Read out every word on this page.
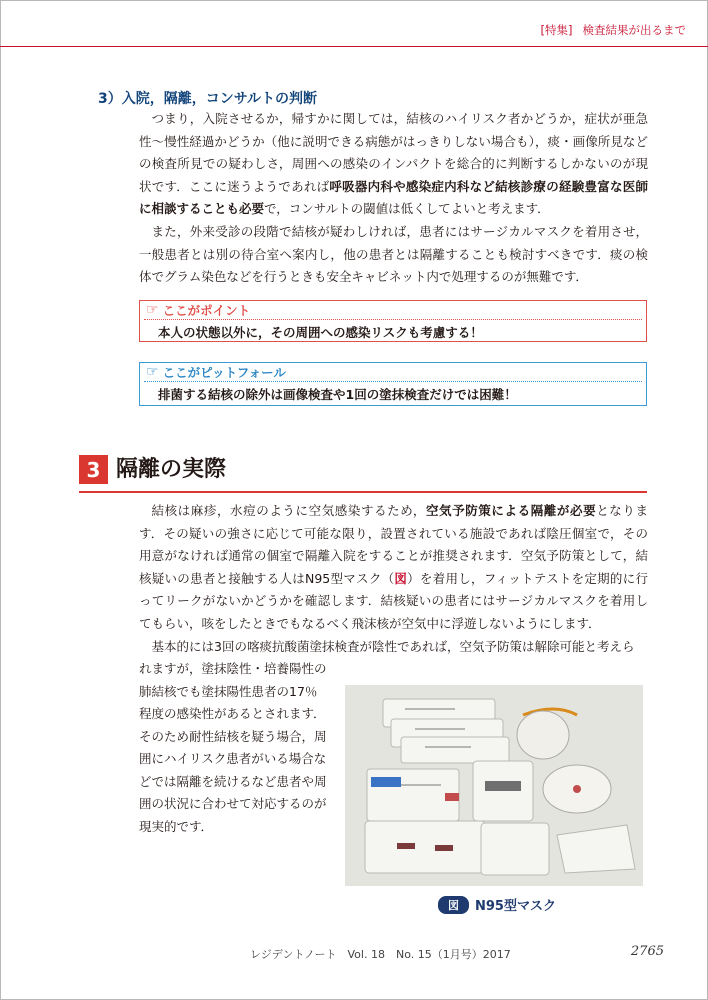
[特集] 検査結果が出るまで
3）入院，隔離，コンサルトの判断

つまり，入院させるか，帰すかに関しては，結核のハイリスク者かどうか，症状が亜急性～慢性経過かどうか（他に説明できる病態がはっきりしない場合も），痰・画像所見などの検査所見での疑わしさ，周囲への感染のインパクトを総合的に判断するしかないのが現状です．ここに迷うようであれば呼吸器内科や感染症内科など結核診療の経験豊富な医師に相談することも必要で，コンサルトの閾値は低くしてよいと考えます．

また，外来受診の段階で結核が疑わしければ，患者にはサージカルマスクを着用させ，一般患者とは別の待合室へ案内し，他の患者とは隔離することも検討すべきです．痰の検体でグラム染色などを行うときも安全キャビネット内で処理するのが無難です．

☞ ここがポイント
本人の状態以外に，その周囲への感染リスクも考慮する！
☞ ここがピットフォール
排菌する結核の除外は画像検査や1回の塗抹検査だけでは困難！
3 隔離の実際

結核は麻疹，水痘のように空気感染するため，空気予防策による隔離が必要となります．その疑いの強さに応じて可能な限り，設置されている施設であれば陰圧個室で，その用意がなければ通常の個室で隔離入院をすることが推奨されます．空気予防策として，結核疑いの患者と接触する人はN95型マスク（図）を着用し，フィットテストを定期的に行ってリークがないかどうかを確認します．結核疑いの患者にはサージカルマスクを着用してもらい，咳をしたときでもなるべく飛沫核が空気中に浮遊しないようにします．

基本的には3回の喀痰抗酸菌塗抹検査が陰性であれば，空気予防策は解除可能と考えら

れますが，塗抹陰性・培養陽性の肺結核でも塗抹陽性患者の17％程度の感染性があるとされます．そのため耐性結核を疑う場合，周囲にハイリスク患者がいる場合などでは隔離を続けるなど患者や周囲の状況に合わせて対応するのが現実的です．
図	N95型マスク
レジデントノート　Vol. 18　No. 15（1月号）2017	2765
